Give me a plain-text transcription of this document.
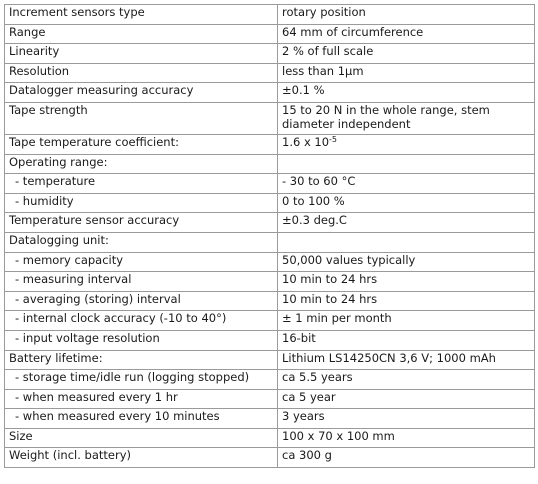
Increment sensors type	rotary position
Range	64 mm of circumference
Linearity	2 % of full scale
Resolution	less than 1µm
Datalogger measuring accuracy	±0.1 %
Tape strength	15 to 20 N in the whole range, stem diameter independent
Tape temperature coefficient:	1.6 x $10^{-5}$
Operating range:	
- temperature	- 30 to 60 °C
- humidity	0 to 100 %
Temperature sensor accuracy	±0.3 deg.C
Datalogging unit:	
- memory capacity	50,000 values typically
- measuring interval	10 min to 24 hrs
- averaging (storing) interval	10 min to 24 hrs
- internal clock accuracy (-10 to 40°)	± 1 min per month
- input voltage resolution	16-bit
Battery lifetime:	Lithium LS14250CN 3,6 V; 1000 mAh
- storage time/idle run (logging stopped)	ca 5.5 years
- when measured every 1 hr	ca 5 year
- when measured every 10 minutes	3 years
Size	100 x 70 x 100 mm
Weight (incl. battery)	ca 300 g
